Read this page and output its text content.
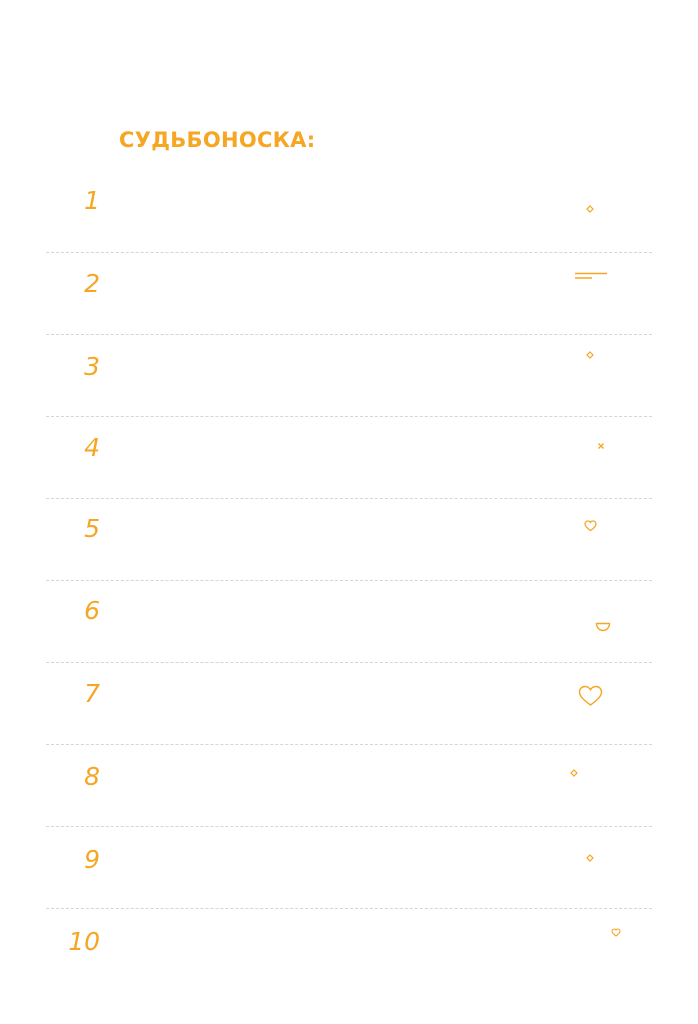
СУДЬБОНОСКА:
1
2
3
4
5
6
7
8
9
10
